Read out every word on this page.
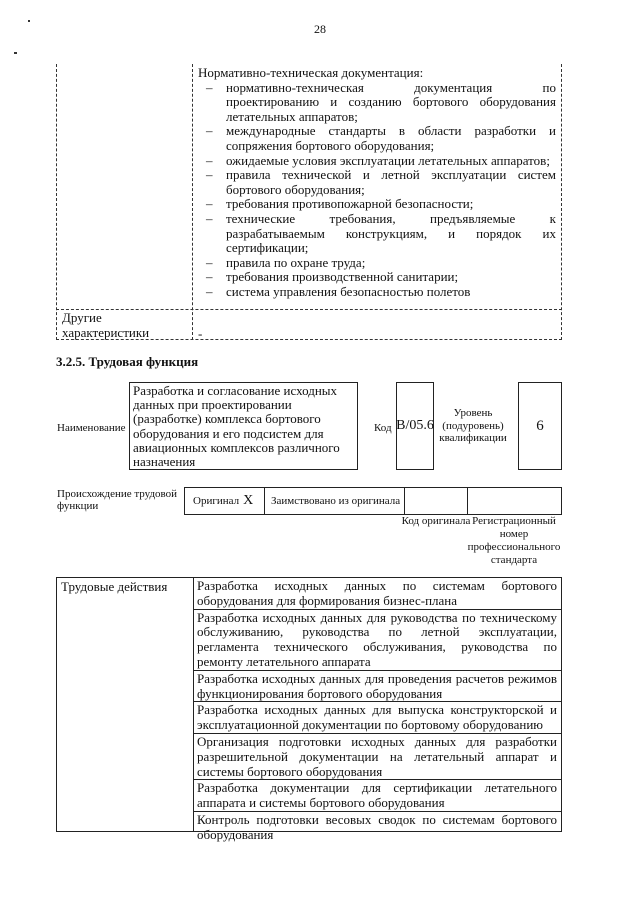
28
Нормативно-техническая документация:
– нормативно-техническая документация по проектированию и созданию бортового оборудования летательных аппаратов;
– международные стандарты в области разработки и сопряжения бортового оборудования;
– ожидаемые условия эксплуатации летательных аппаратов;
– правила технической и летной эксплуатации систем бортового оборудования;
– требования противопожарной безопасности;
– технические требования, предъявляемые к разрабатываемым конструкциям, и порядок их сертификации;
– правила по охране труда;
– требования производственной санитарии;
– система управления безопасностью полетов
Другие характеристики	-
3.2.5. Трудовая функция
Наименование
Разработка и согласование исходных данных при проектировании (разработке) комплекса бортового оборудования и его подсистем для авиационных комплексов различного назначения
Код B/05.6
Уровень (подуровень) квалификации
6
Происхождение трудовой функции	Оригинал X Заимствовано из оригинала
Код оригинала Регистрационный номер профессионального стандарта
Трудовые действия Разработка исходных данных по системам бортового оборудования для формирования бизнес-плана
Разработка исходных данных для руководства по техническому обслуживанию, руководства по летной эксплуатации, регламента технического обслуживания, руководства по ремонту летательного аппарата
Разработка исходных данных для проведения расчетов режимов функционирования бортового оборудования
Разработка исходных данных для выпуска конструкторской и эксплуатационной документации по бортовому оборудованию
Организация подготовки исходных данных для разработки разрешительной документации на летательный аппарат и системы бортового оборудования
Разработка документации для сертификации летательного аппарата и системы бортового оборудования
Контроль подготовки весовых сводок по системам бортового оборудования
